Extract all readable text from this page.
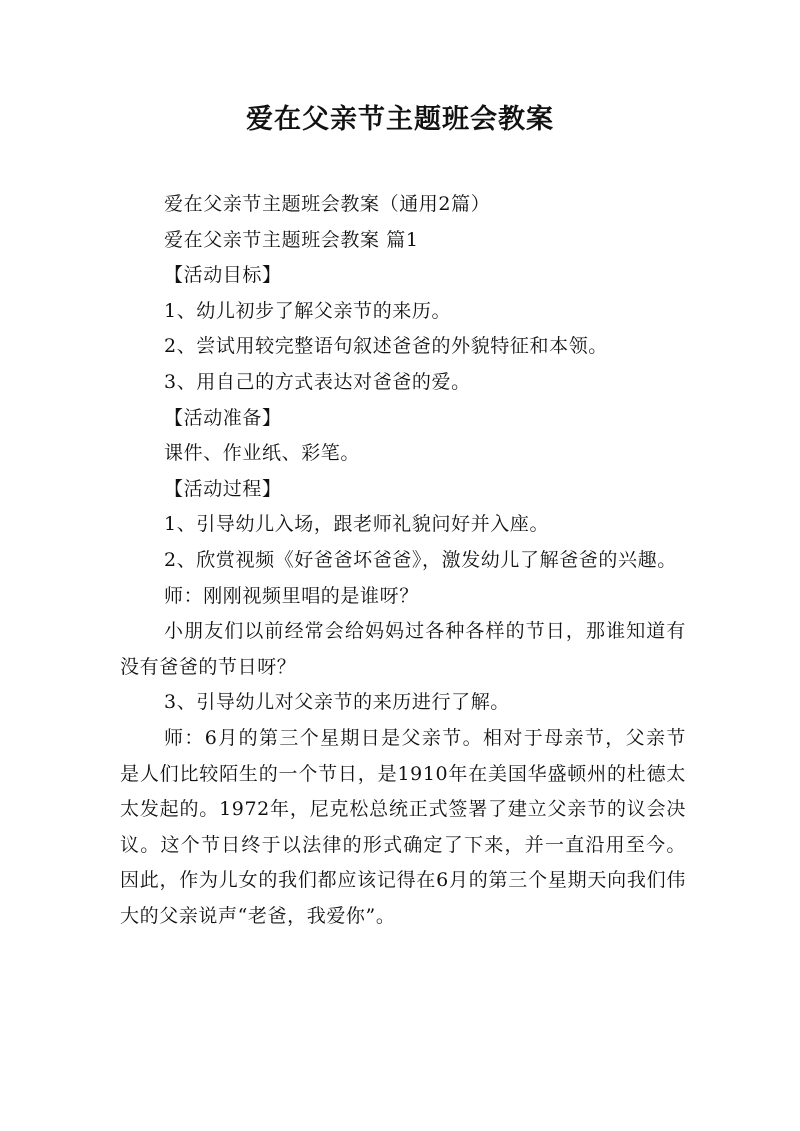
爱在父亲节主题班会教案

爱在父亲节主题班会教案（通用2篇）

爱在父亲节主题班会教案 篇1

【活动目标】

1、幼儿初步了解父亲节的来历。

2、尝试用较完整语句叙述爸爸的外貌特征和本领。

3、用自己的方式表达对爸爸的爱。

【活动准备】

课件、作业纸、彩笔。

【活动过程】

1、引导幼儿入场，跟老师礼貌问好并入座。

2、欣赏视频《好爸爸坏爸爸》，激发幼儿了解爸爸的兴趣。

师：刚刚视频里唱的是谁呀？

小朋友们以前经常会给妈妈过各种各样的节日，那谁知道有没有爸爸的节日呀？

3、引导幼儿对父亲节的来历进行了解。

师：6月的第三个星期日是父亲节。相对于母亲节，父亲节是人们比较陌生的一个节日，是1910年在美国华盛顿州的杜德太太发起的。1972年，尼克松总统正式签署了建立父亲节的议会决议。这个节日终于以法律的形式确定了下来，并一直沿用至今。因此，作为儿女的我们都应该记得在6月的第三个星期天向我们伟大的父亲说声“老爸，我爱你”。
